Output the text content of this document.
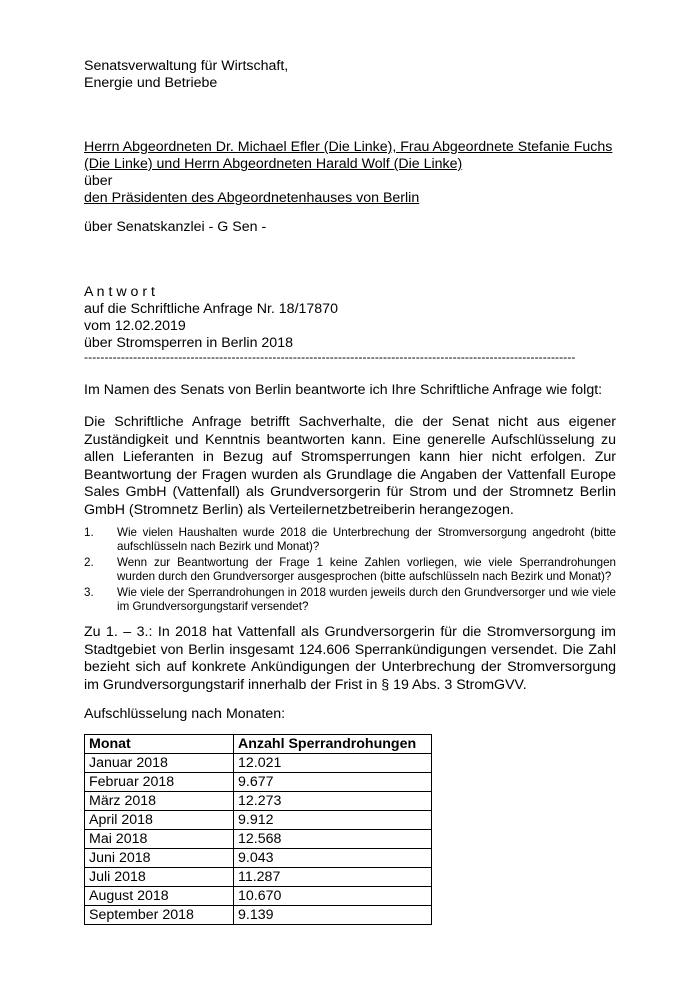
Senatsverwaltung für Wirtschaft,
Energie und Betriebe
Herrn Abgeordneten Dr. Michael Efler (Die Linke), Frau Abgeordnete Stefanie Fuchs
(Die Linke) und Herrn Abgeordneten Harald Wolf (Die Linke)
über
den Präsidenten des Abgeordnetenhauses von Berlin
über Senatskanzlei - G Sen -
A n t w o r t
auf die Schriftliche Anfrage Nr. 18/17870
vom 12.02.2019
über Stromsperren in Berlin 2018
------------------------------------------------------------------------------------------------------------------------
Im Namen des Senats von Berlin beantworte ich Ihre Schriftliche Anfrage wie folgt:
Die Schriftliche Anfrage betrifft Sachverhalte, die der Senat nicht aus eigener Zuständigkeit und Kenntnis beantworten kann. Eine generelle Aufschlüsselung zu allen Lieferanten in Bezug auf Stromsperrungen kann hier nicht erfolgen. Zur Beantwortung der Fragen wurden als Grundlage die Angaben der Vattenfall Europe Sales GmbH (Vattenfall) als Grundversorgerin für Strom und der Stromnetz Berlin GmbH (Stromnetz Berlin) als Verteilernetzbetreiberin herangezogen.
1. Wie vielen Haushalten wurde 2018 die Unterbrechung der Stromversorgung angedroht (bitte aufschlüsseln nach Bezirk und Monat)?
2. Wenn zur Beantwortung der Frage 1 keine Zahlen vorliegen, wie viele Sperrandrohungen wurden durch den Grundversorger ausgesprochen (bitte aufschlüsseln nach Bezirk und Monat)?
3. Wie viele der Sperrandrohungen in 2018 wurden jeweils durch den Grundversorger und wie viele im Grundversorgungstarif versendet?
Zu 1. – 3.: In 2018 hat Vattenfall als Grundversorgerin für die Stromversorgung im Stadtgebiet von Berlin insgesamt 124.606 Sperrankündigungen versendet. Die Zahl bezieht sich auf konkrete Ankündigungen der Unterbrechung der Stromversorgung im Grundversorgungstarif innerhalb der Frist in § 19 Abs. 3 StromGVV.
Aufschlüsselung nach Monaten:
Monat	Anzahl Sperrandrohungen
Januar 2018	12.021
Februar 2018	9.677
März 2018	12.273
April 2018	9.912
Mai 2018	12.568
Juni 2018	9.043
Juli 2018	11.287
August 2018	10.670
September 2018	9.139
